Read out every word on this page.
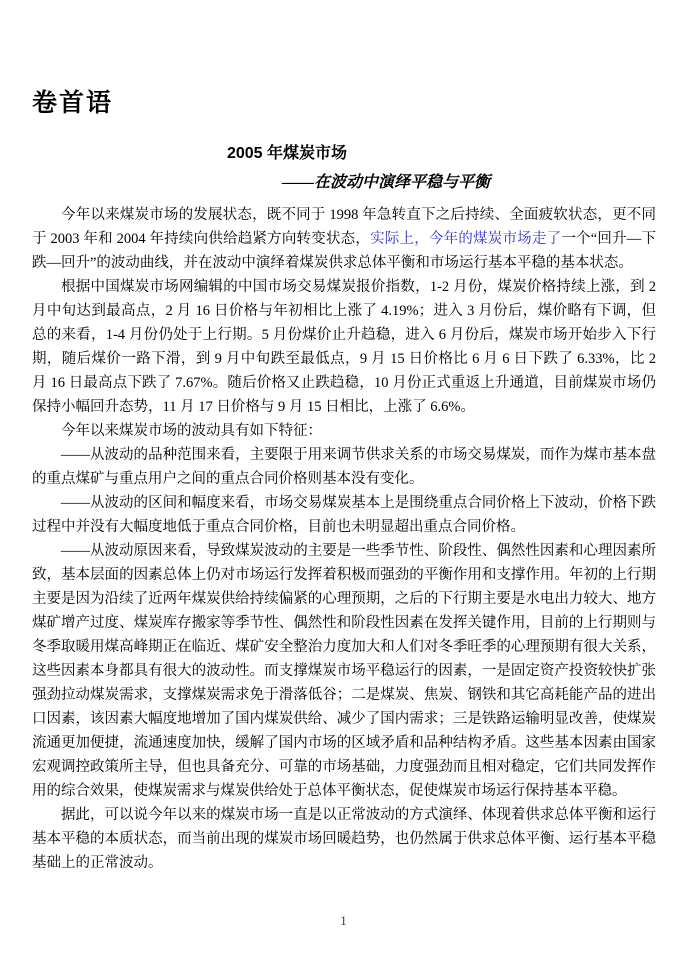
卷首语
2005 年煤炭市场
——在波动中演绎平稳与平衡

今年以来煤炭市场的发展状态，既不同于 1998 年急转直下之后持续、全面疲软状态，更不同于 2003 年和 2004 年持续向供给趋紧方向转变状态，实际上，今年的煤炭市场走了一个“回升—下跌—回升”的波动曲线，并在波动中演绎着煤炭供求总体平衡和市场运行基本平稳的基本状态。

根据中国煤炭市场网编辑的中国市场交易煤炭报价指数，1-2 月份，煤炭价格持续上涨，到 2 月中旬达到最高点，2 月 16 日价格与年初相比上涨了 4.19%；进入 3 月份后，煤价略有下调，但总的来看，1-4 月份仍处于上行期。5 月份煤价止升趋稳，进入 6 月份后，煤炭市场开始步入下行期，随后煤价一路下滑，到 9 月中旬跌至最低点，9 月 15 日价格比 6 月 6 日下跌了 6.33%，比 2 月 16 日最高点下跌了 7.67%。随后价格又止跌趋稳，10 月份正式重返上升通道，目前煤炭市场仍保持小幅回升态势，11 月 17 日价格与 9 月 15 日相比，上涨了 6.6%。

今年以来煤炭市场的波动具有如下特征：

——从波动的品种范围来看，主要限于用来调节供求关系的市场交易煤炭，而作为煤市基本盘的重点煤矿与重点用户之间的重点合同价格则基本没有变化。

——从波动的区间和幅度来看，市场交易煤炭基本上是围绕重点合同价格上下波动，价格下跌过程中并没有大幅度地低于重点合同价格，目前也未明显超出重点合同价格。

——从波动原因来看，导致煤炭波动的主要是一些季节性、阶段性、偶然性因素和心理因素所致，基本层面的因素总体上仍对市场运行发挥着积极而强劲的平衡作用和支撑作用。年初的上行期主要是因为沿续了近两年煤炭供给持续偏紧的心理预期，之后的下行期主要是水电出力较大、地方煤矿增产过度、煤炭库存搬家等季节性、偶然性和阶段性因素在发挥关键作用，目前的上行期则与冬季取暖用煤高峰期正在临近、煤矿安全整治力度加大和人们对冬季旺季的心理预期有很大关系，这些因素本身都具有很大的波动性。而支撑煤炭市场平稳运行的因素，一是固定资产投资较快扩张强劲拉动煤炭需求，支撑煤炭需求免于滑落低谷；二是煤炭、焦炭、钢铁和其它高耗能产品的进出口因素，该因素大幅度地增加了国内煤炭供给、减少了国内需求；三是铁路运输明显改善，使煤炭流通更加便捷，流通速度加快，缓解了国内市场的区域矛盾和品种结构矛盾。这些基本因素由国家宏观调控政策所主导，但也具备充分、可靠的市场基础，力度强劲而且相对稳定，它们共同发挥作用的综合效果，使煤炭需求与煤炭供给处于总体平衡状态，促使煤炭市场运行保持基本平稳。

据此，可以说今年以来的煤炭市场一直是以正常波动的方式演绎、体现着供求总体平衡和运行基本平稳的本质状态，而当前出现的煤炭市场回暖趋势，也仍然属于供求总体平衡、运行基本平稳基础上的正常波动。

1
